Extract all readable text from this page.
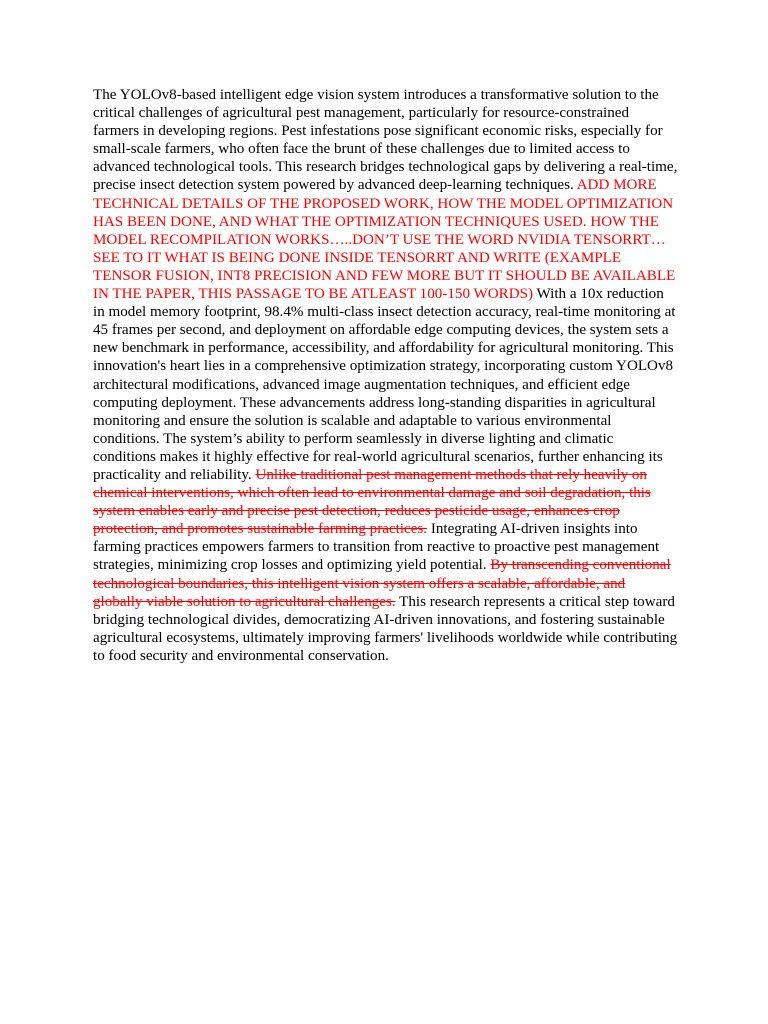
The YOLOv8-based intelligent edge vision system introduces a transformative solution to the critical challenges of agricultural pest management, particularly for resource-constrained farmers in developing regions. Pest infestations pose significant economic risks, especially for small-scale farmers, who often face the brunt of these challenges due to limited access to advanced technological tools. This research bridges technological gaps by delivering a real-time, precise insect detection system powered by advanced deep-learning techniques. ADD MORE TECHNICAL DETAILS OF THE PROPOSED WORK, HOW THE MODEL OPTIMIZATION HAS BEEN DONE, AND WHAT THE OPTIMIZATION TECHNIQUES USED. HOW THE MODEL RECOMPILATION WORKS…..DON’T USE THE WORD NVIDIA TENSORRT… SEE TO IT WHAT IS BEING DONE INSIDE TENSORRT AND WRITE (EXAMPLE TENSOR FUSION, INT8 PRECISION AND FEW MORE BUT IT SHOULD BE AVAILABLE IN THE PAPER, THIS PASSAGE TO BE ATLEAST 100-150 WORDS) With a 10x reduction in model memory footprint, 98.4% multi-class insect detection accuracy, real-time monitoring at 45 frames per second, and deployment on affordable edge computing devices, the system sets a new benchmark in performance, accessibility, and affordability for agricultural monitoring. This innovation's heart lies in a comprehensive optimization strategy, incorporating custom YOLOv8 architectural modifications, advanced image augmentation techniques, and efficient edge computing deployment. These advancements address long-standing disparities in agricultural monitoring and ensure the solution is scalable and adaptable to various environmental conditions. The system’s ability to perform seamlessly in diverse lighting and climatic conditions makes it highly effective for real-world agricultural scenarios, further enhancing its practicality and reliability. Unlike traditional pest management methods that rely heavily on chemical interventions, which often lead to environmental damage and soil degradation, this system enables early and precise pest detection, reduces pesticide usage, enhances crop protection, and promotes sustainable farming practices. Integrating AI-driven insights into farming practices empowers farmers to transition from reactive to proactive pest management strategies, minimizing crop losses and optimizing yield potential. By transcending conventional technological boundaries, this intelligent vision system offers a scalable, affordable, and globally viable solution to agricultural challenges. This research represents a critical step toward bridging technological divides, democratizing AI-driven innovations, and fostering sustainable agricultural ecosystems, ultimately improving farmers' livelihoods worldwide while contributing to food security and environmental conservation.
